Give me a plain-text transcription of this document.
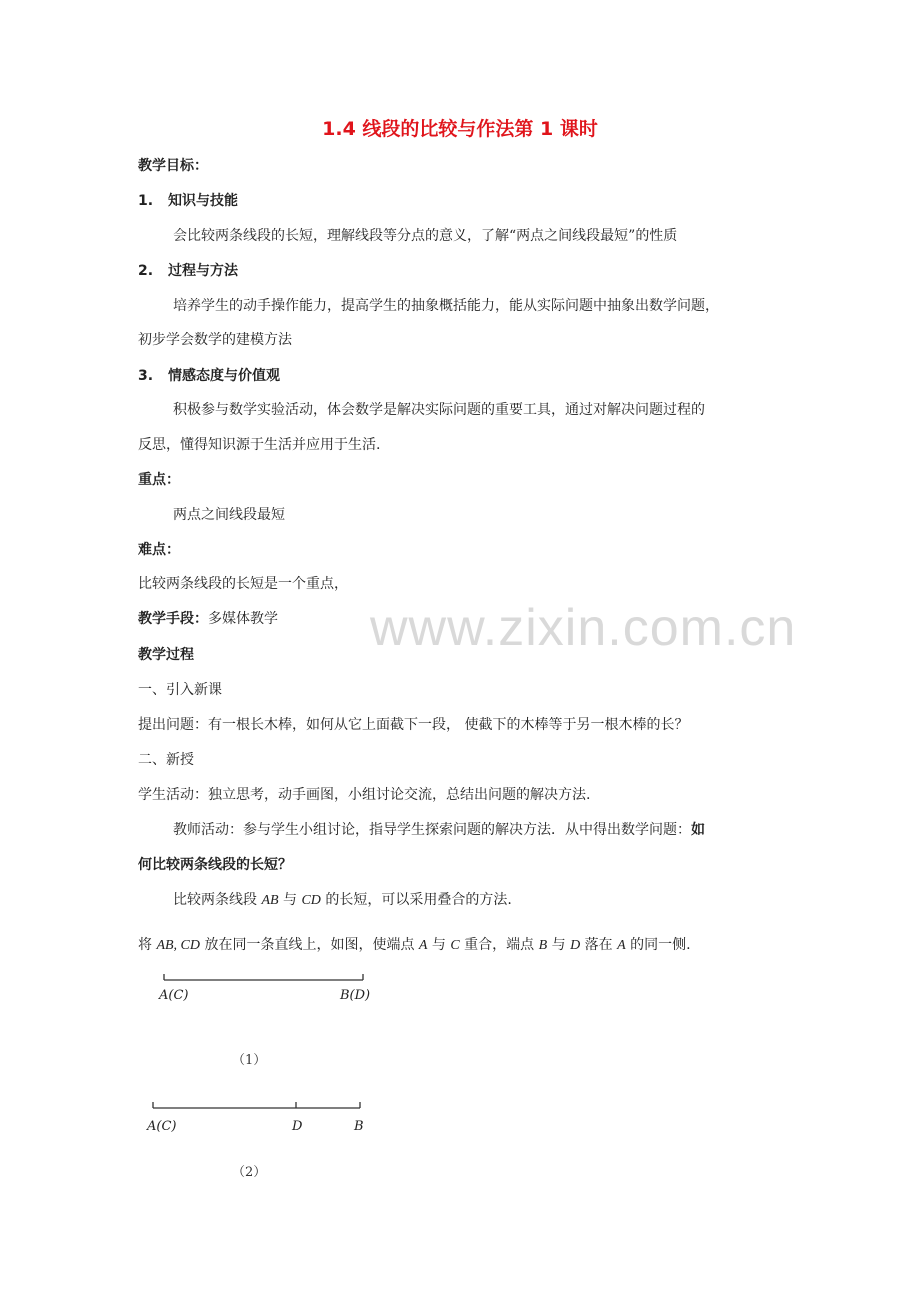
1.4 线段的比较与作法第 1 课时
教学目标：
1. 知识与技能
会比较两条线段的长短，理解线段等分点的意义，了解“两点之间线段最短”的性质
2. 过程与方法
培养学生的动手操作能力，提高学生的抽象概括能力，能从实际问题中抽象出数学问题，
初步学会数学的建模方法
3. 情感态度与价值观
积极参与数学实验活动，体会数学是解决实际问题的重要工具，通过对解决问题过程的
反思，懂得知识源于生活并应用于生活.
重点：
两点之间线段最短
难点：
比较两条线段的长短是一个重点，
教学手段：多媒体教学 www.zixin.com.cn
教学过程
一、引入新课
提出问题：有一根长木棒，如何从它上面截下一段， 使截下的木棒等于另一根木棒的长？
二、新授
学生活动：独立思考，动手画图，小组讨论交流，总结出问题的解决方法.
教师活动：参与学生小组讨论，指导学生探索问题的解决方法．从中得出数学问题：如
何比较两条线段的长短？
比较两条线段 AB 与 CD 的长短，可以采用叠合的方法.
将 AB, CD 放在同一条直线上，如图，使端点 A 与 C 重合，端点 B 与 D 落在 A 的同一侧.
A(C)	B(D)
（1）
A(C)	D	B
（2）
